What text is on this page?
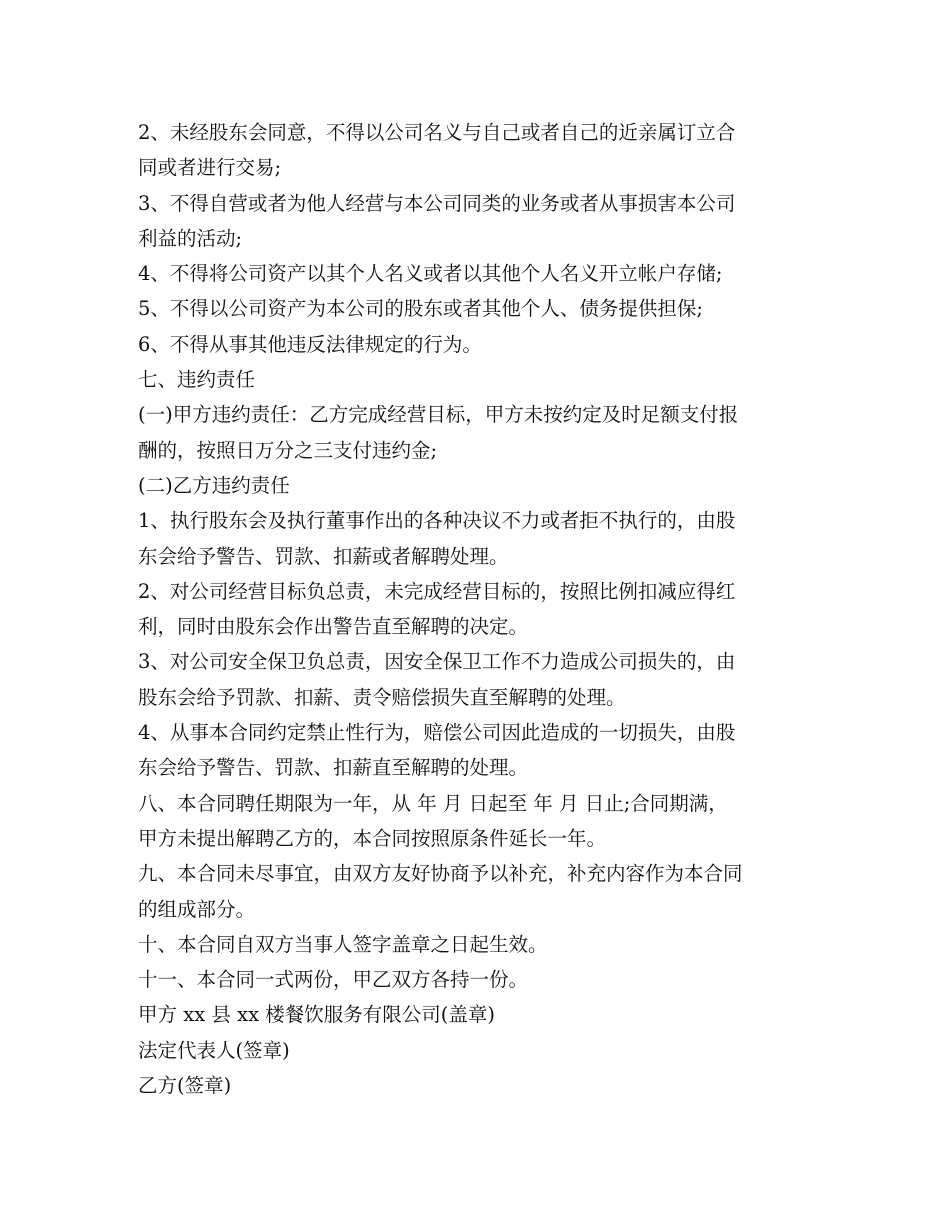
2、未经股东会同意，不得以公司名义与自己或者自己的近亲属订立合
同或者进行交易;
3、不得自营或者为他人经营与本公司同类的业务或者从事损害本公司
利益的活动;
4、不得将公司资产以其个人名义或者以其他个人名义开立帐户存储;
5、不得以公司资产为本公司的股东或者其他个人、债务提供担保;
6、不得从事其他违反法律规定的行为。
七、违约责任
(一)甲方违约责任：乙方完成经营目标，甲方未按约定及时足额支付报
酬的，按照日万分之三支付违约金;
(二)乙方违约责任
1、执行股东会及执行董事作出的各种决议不力或者拒不执行的，由股
东会给予警告、罚款、扣薪或者解聘处理。
2、对公司经营目标负总责，未完成经营目标的，按照比例扣减应得红
利，同时由股东会作出警告直至解聘的决定。
3、对公司安全保卫负总责，因安全保卫工作不力造成公司损失的，由
股东会给予罚款、扣薪、责令赔偿损失直至解聘的处理。
4、从事本合同约定禁止性行为，赔偿公司因此造成的一切损失，由股
东会给予警告、罚款、扣薪直至解聘的处理。
八、本合同聘任期限为一年，从 年 月 日起至 年 月 日止;合同期满，
甲方未提出解聘乙方的，本合同按照原条件延长一年。
九、本合同未尽事宜，由双方友好协商予以补充，补充内容作为本合同
的组成部分。
十、本合同自双方当事人签字盖章之日起生效。
十一、本合同一式两份，甲乙双方各持一份。
甲方 xx 县 xx 楼餐饮服务有限公司(盖章)
法定代表人(签章)
乙方(签章)
